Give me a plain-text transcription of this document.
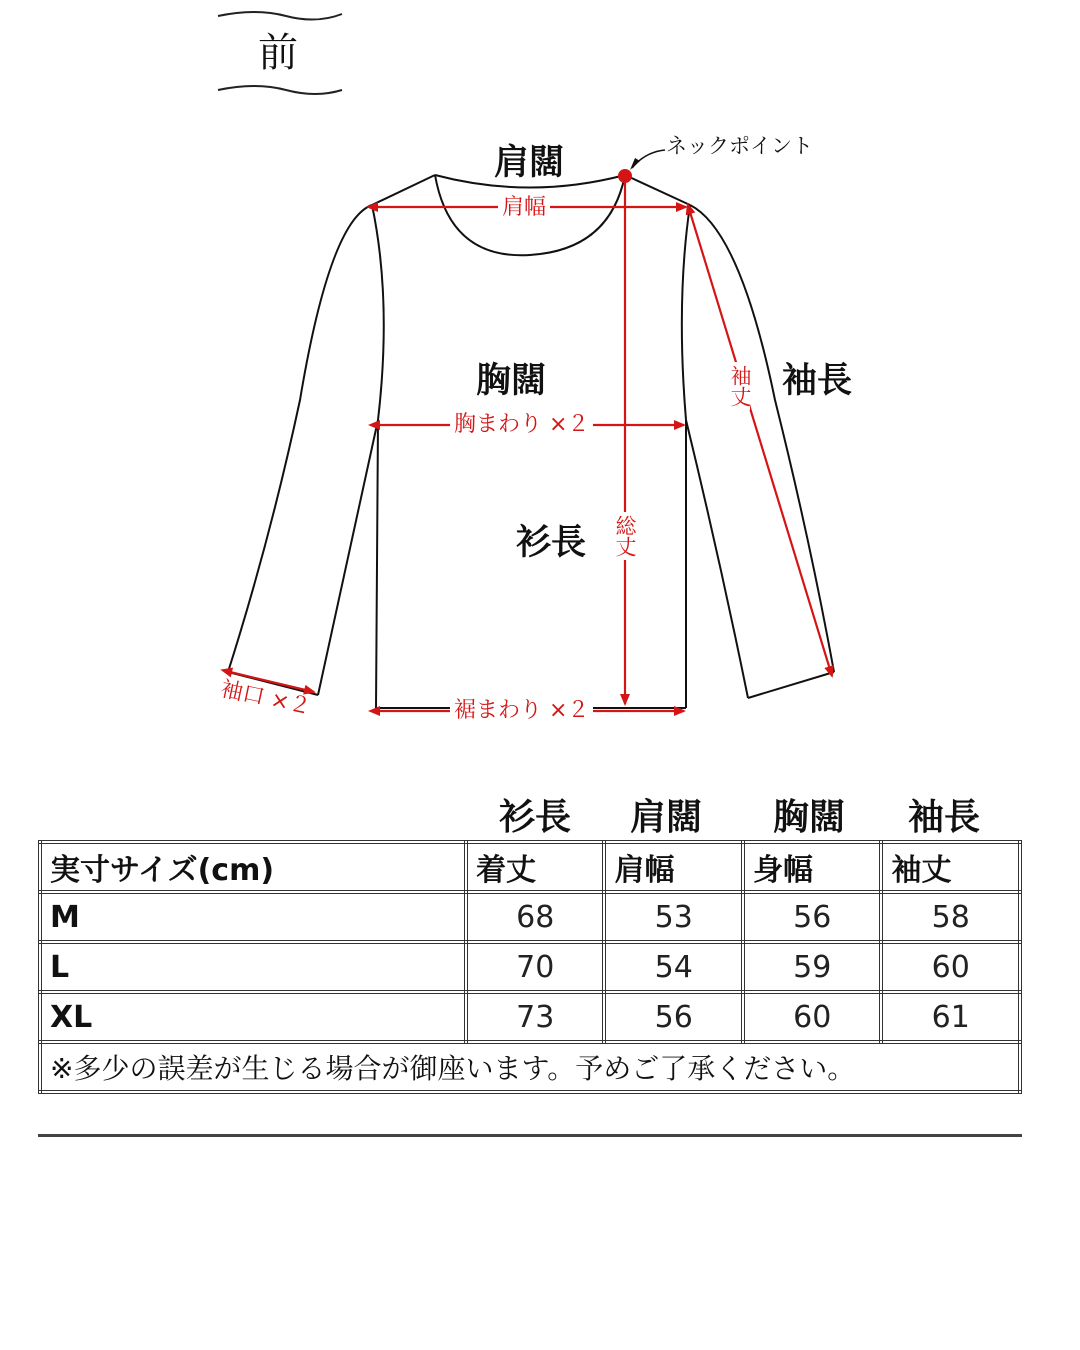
前
肩闊	ネックポイント
肩幅
胸闊
胸まわり ×２
袖長
袖丈
衫長 総丈
袖口 ×２	裾まわり ×２
衫長	肩闊	胸闊	袖長
実寸サイズ(cm)	着丈	肩幅	身幅	袖丈
M	68	53	56	58
L	70	54	59	60
XL	73	56	60	61
※多少の誤差が生じる場合が御座います。予めご了承ください。				
